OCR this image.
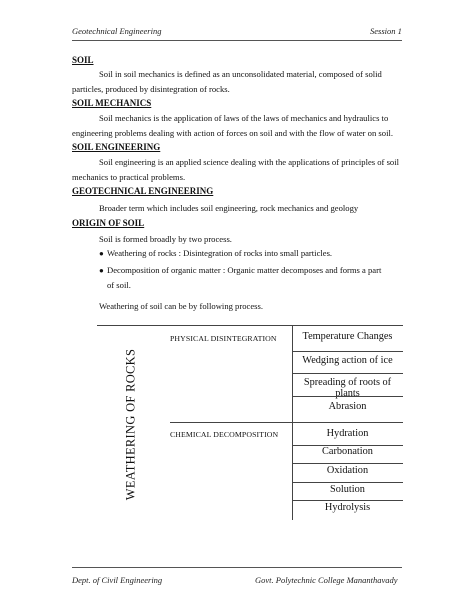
Geotechnical Engineering	Session 1
SOIL
Soil in soil mechanics is defined as an unconsolidated material, composed of solid
particles, produced by disintegration of rocks.
SOIL MECHANICS
Soil mechanics is the application of laws of the laws of mechanics and hydraulics to
engineering problems dealing with action of forces on soil and with the flow of water on soil.
SOIL ENGINEERING
Soil engineering is an applied science dealing with the applications of principles of soil
mechanics to practical problems.
GEOTECHNICAL ENGINEERING
Broader term which includes soil engineering, rock mechanics and geology
ORIGIN OF SOIL
Soil is formed broadly by two process.
● Weathering of rocks : Disintegration of rocks into small particles.
● Decomposition of organic matter : Organic matter decomposes and forms a part
of soil.
Weathering of soil can be by following process.
WEATHERING OF ROCKS
PHYSICAL DISINTEGRATION
CHEMICAL DECOMPOSITION
Temperature Changes
Wedging action of ice
Spreading of roots of plants
Abrasion
Hydration
Carbonation
Oxidation
Solution
Hydrolysis
Dept. of Civil Engineering	Govt. Polytechnic College Mananthavady
